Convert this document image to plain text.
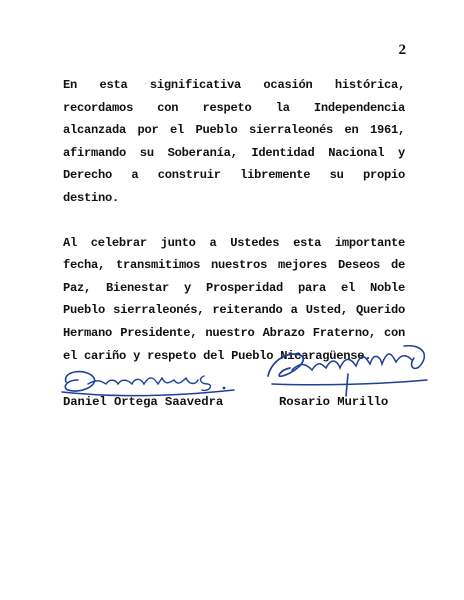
2

En esta significativa ocasión histórica, recordamos con respeto la Independencia alcanzada por el Pueblo sierraleonés en 1961, afirmando su Soberanía, Identidad Nacional y Derecho a construir libremente su propio destino.

Al celebrar junto a Ustedes esta importante fecha, transmitimos nuestros mejores Deseos de Paz, Bienestar y Prosperidad para el Noble Pueblo sierraleonés, reiterando a Usted, Querido Hermano Presidente, nuestro Abrazo Fraterno, con el cariño y respeto del Pueblo Nicaragüense.

Daniel Ortega Saavedra	Rosario Murillo
